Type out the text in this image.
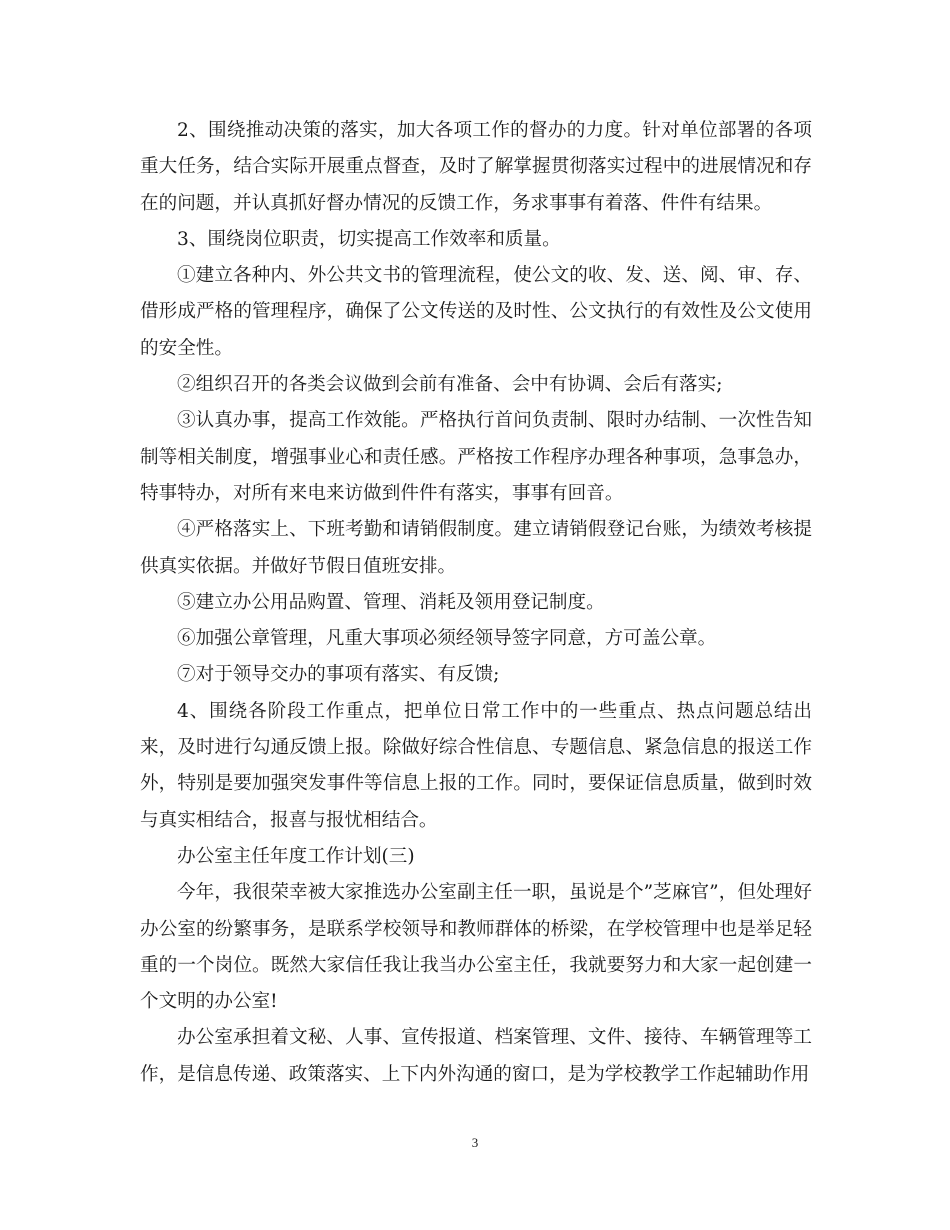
2、围绕推动决策的落实，加大各项工作的督办的力度。针对单位部署的各项重大任务，结合实际开展重点督查，及时了解掌握贯彻落实过程中的进展情况和存在的问题，并认真抓好督办情况的反馈工作，务求事事有着落、件件有结果。

3、围绕岗位职责，切实提高工作效率和质量。

①建立各种内、外公共文书的管理流程，使公文的收、发、送、阅、审、存、借形成严格的管理程序，确保了公文传送的及时性、公文执行的有效性及公文使用的安全性。

②组织召开的各类会议做到会前有准备、会中有协调、会后有落实;

③认真办事，提高工作效能。严格执行首问负责制、限时办结制、一次性告知制等相关制度，增强事业心和责任感。严格按工作程序办理各种事项，急事急办，特事特办，对所有来电来访做到件件有落实，事事有回音。

④严格落实上、下班考勤和请销假制度。建立请销假登记台账，为绩效考核提供真实依据。并做好节假日值班安排。

⑤建立办公用品购置、管理、消耗及领用登记制度。

⑥加强公章管理，凡重大事项必须经领导签字同意，方可盖公章。

⑦对于领导交办的事项有落实、有反馈;

4、围绕各阶段工作重点，把单位日常工作中的一些重点、热点问题总结出来，及时进行勾通反馈上报。除做好综合性信息、专题信息、紧急信息的报送工作外，特别是要加强突发事件等信息上报的工作。同时，要保证信息质量，做到时效与真实相结合，报喜与报忧相结合。

办公室主任年度工作计划(三)

今年，我很荣幸被大家推选办公室副主任一职，虽说是个”芝麻官”，但处理好办公室的纷繁事务，是联系学校领导和教师群体的桥梁，在学校管理中也是举足轻重的一个岗位。既然大家信任我让我当办公室主任，我就要努力和大家一起创建一个文明的办公室!

办公室承担着文秘、人事、宣传报道、档案管理、文件、接待、车辆管理等工作，是信息传递、政策落实、上下内外沟通的窗口，是为学校教学工作起辅助作用

3
